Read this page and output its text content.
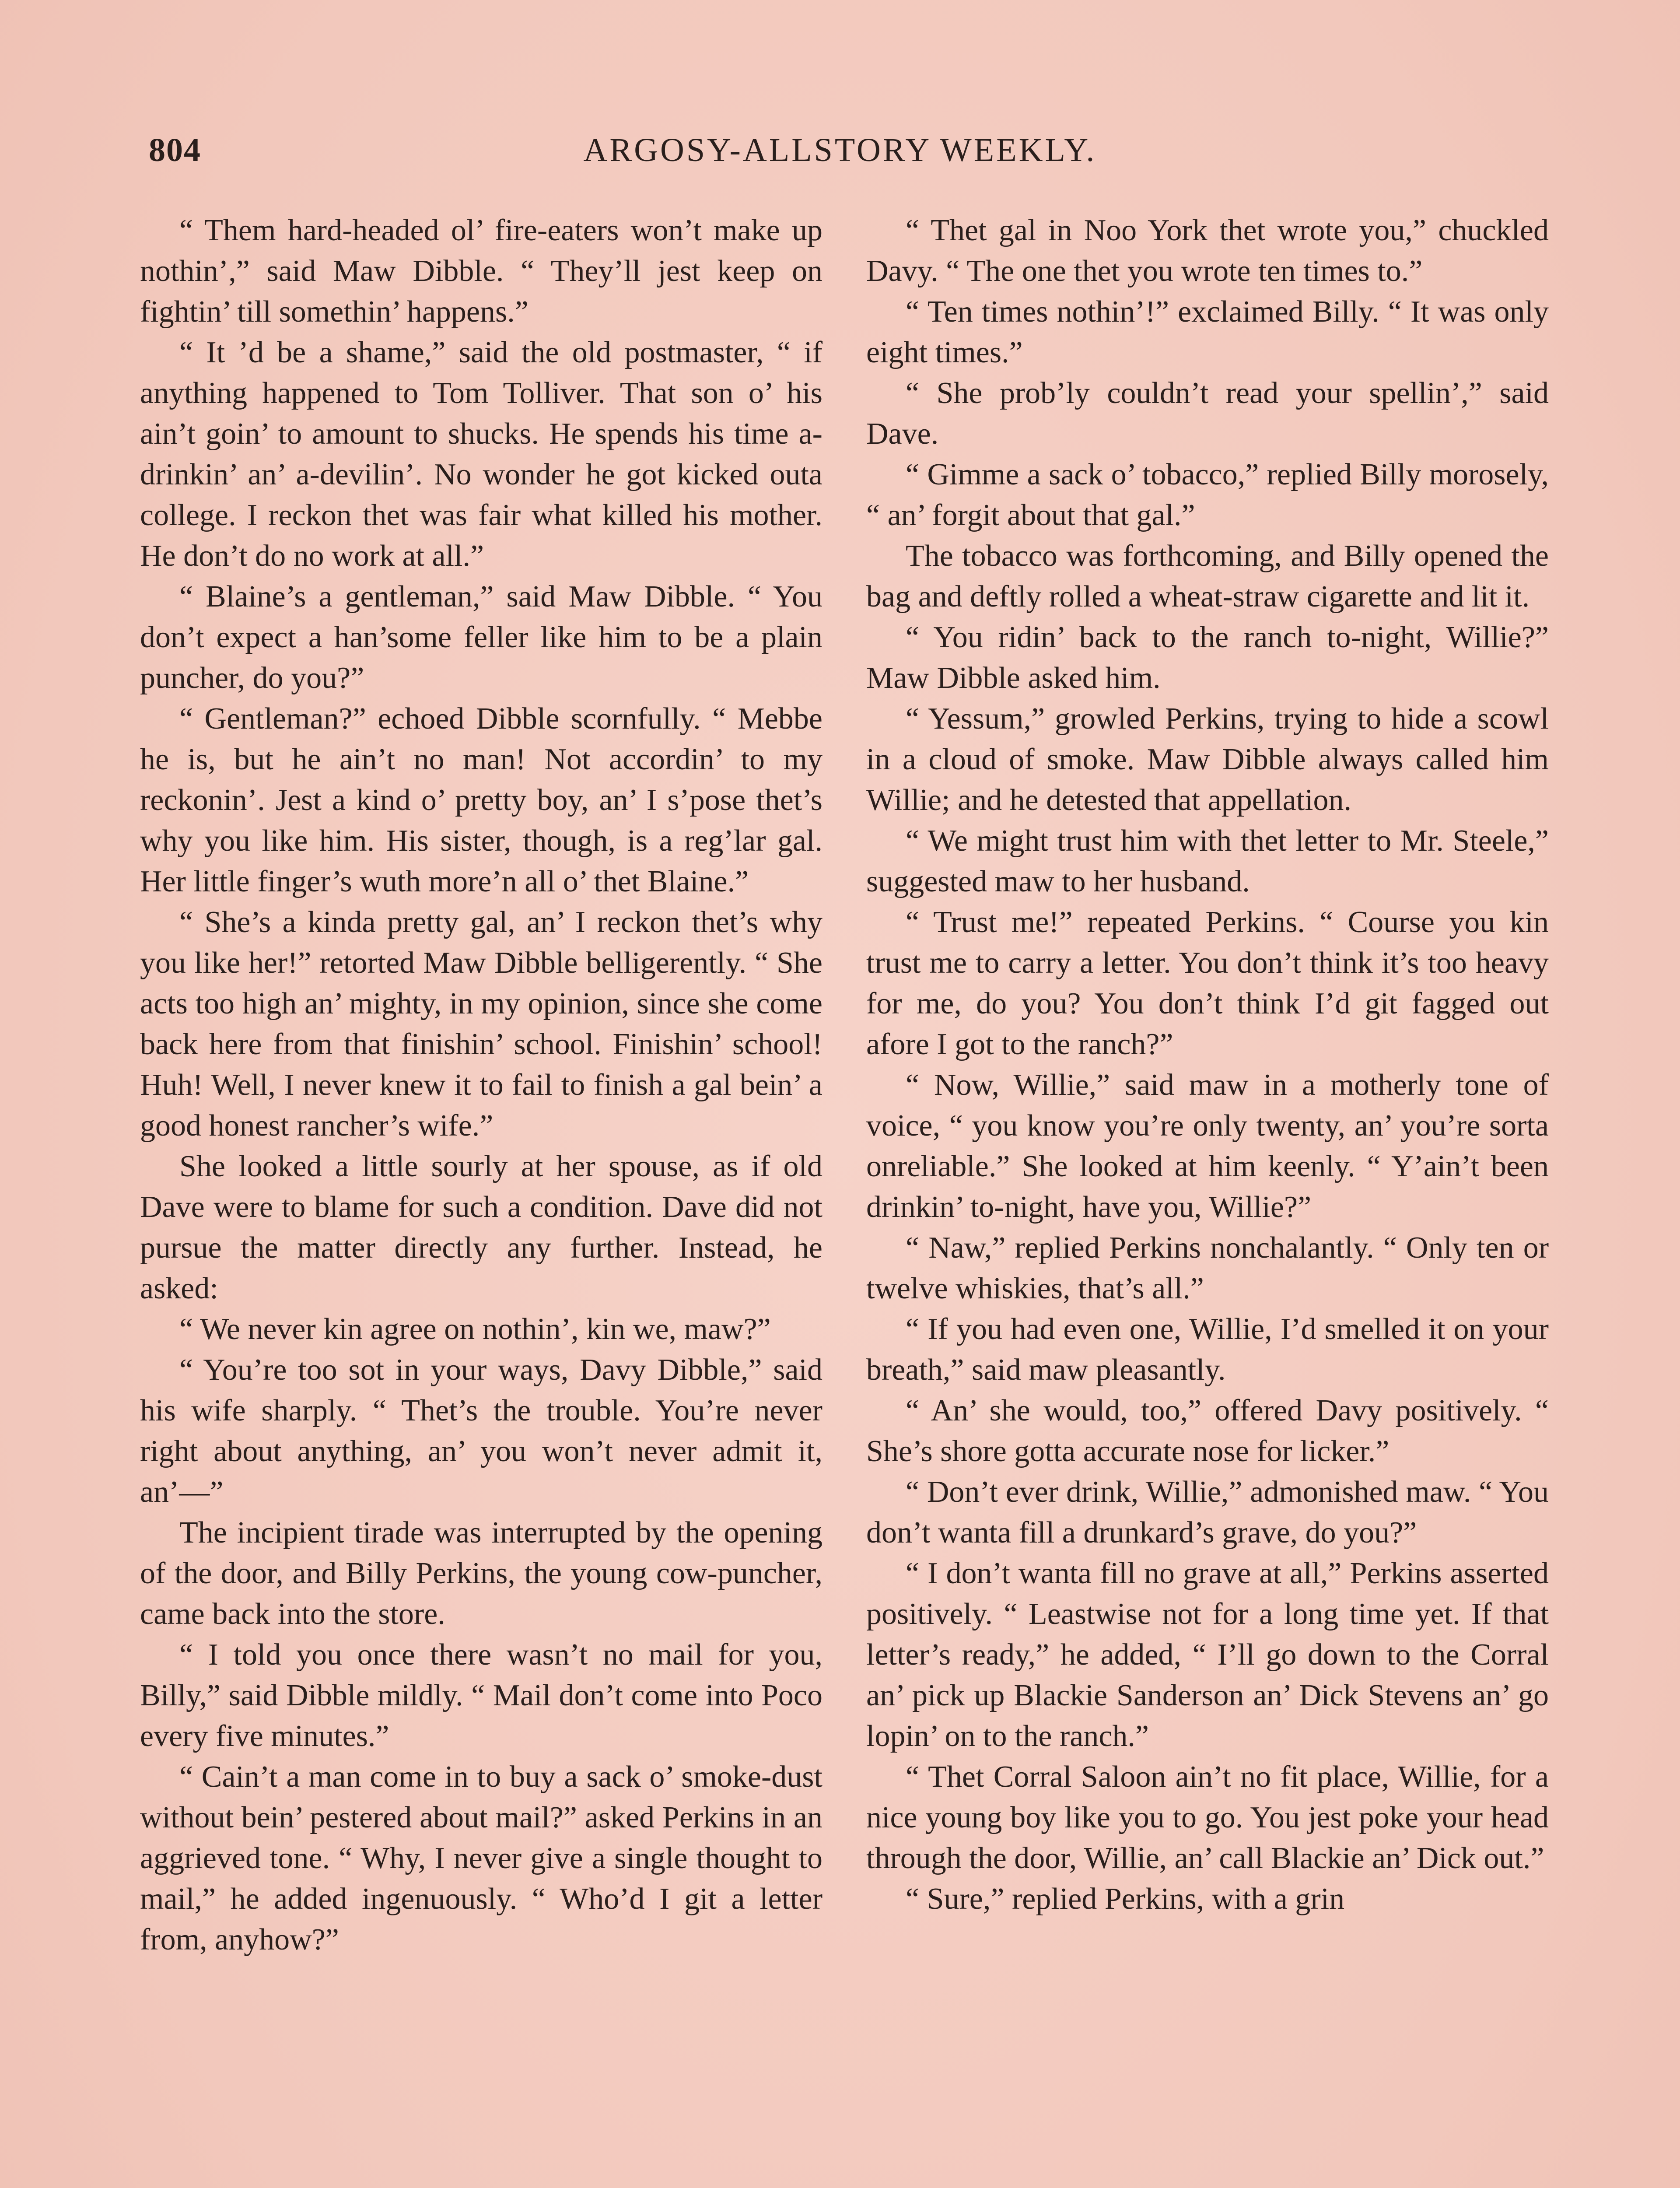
804	ARGOSY-ALLSTORY WEEKLY.

“ Them hard-headed ol’ fire-eaters won’t make up nothin’,” said Maw Dibble. “ They’ll jest keep on fightin’ till somethin’ happens.”

“ It ’d be a shame,” said the old postmaster, “ if anything happened to Tom Tolliver. That son o’ his ain’t goin’ to amount to shucks. He spends his time a-drinkin’ an’ a-devilin’. No wonder he got kicked outa college. I reckon thet was fair what killed his mother. He don’t do no work at all.”

“ Blaine’s a gentleman,” said Maw Dibble. “ You don’t expect a han’some feller like him to be a plain puncher, do you?”

“ Gentleman?” echoed Dibble scornfully. “ Mebbe he is, but he ain’t no man! Not accordin’ to my reckonin’. Jest a kind o’ pretty boy, an’ I s’pose thet’s why you like him. His sister, though, is a reg’lar gal. Her little finger’s wuth more’n all o’ thet Blaine.”

“ She’s a kinda pretty gal, an’ I reckon thet’s why you like her!” retorted Maw Dibble belligerently. “ She acts too high an’ mighty, in my opinion, since she come back here from that finishin’ school. Finishin’ school! Huh! Well, I never knew it to fail to finish a gal bein’ a good honest rancher’s wife.”

She looked a little sourly at her spouse, as if old Dave were to blame for such a condition. Dave did not pursue the matter directly any further. Instead, he asked:

“ We never kin agree on nothin’, kin we, maw?”

“ You’re too sot in your ways, Davy Dibble,” said his wife sharply. “ Thet’s the trouble. You’re never right about anything, an’ you won’t never admit it, an’—”

The incipient tirade was interrupted by the opening of the door, and Billy Perkins, the young cow-puncher, came back into the store.

“ I told you once there wasn’t no mail for you, Billy,” said Dibble mildly. “ Mail don’t come into Poco every five minutes.”

“ Cain’t a man come in to buy a sack o’ smoke-dust without bein’ pestered about mail?” asked Perkins in an aggrieved tone. “ Why, I never give a single thought to mail,” he added ingenuously. “ Who’d I git a letter from, anyhow?”

“ Thet gal in Noo York thet wrote you,” chuckled Davy. “ The one thet you wrote ten times to.”

“ Ten times nothin’!” exclaimed Billy. “ It was only eight times.”

“ She prob’ly couldn’t read your spellin’,” said Dave.

“ Gimme a sack o’ tobacco,” replied Billy morosely, “ an’ forgit about that gal.”

The tobacco was forthcoming, and Billy opened the bag and deftly rolled a wheat-straw cigarette and lit it.

“ You ridin’ back to the ranch to-night, Willie?” Maw Dibble asked him.

“ Yessum,” growled Perkins, trying to hide a scowl in a cloud of smoke. Maw Dibble always called him Willie; and he detested that appellation.

“ We might trust him with thet letter to Mr. Steele,” suggested maw to her husband.

“ Trust me!” repeated Perkins. “ Course you kin trust me to carry a letter. You don’t think it’s too heavy for me, do you? You don’t think I’d git fagged out afore I got to the ranch?”

“ Now, Willie,” said maw in a motherly tone of voice, “ you know you’re only twenty, an’ you’re sorta onreliable.” She looked at him keenly. “ Y’ain’t been drinkin’ to-night, have you, Willie?”

“ Naw,” replied Perkins nonchalantly. “ Only ten or twelve whiskies, that’s all.”

“ If you had even one, Willie, I’d smelled it on your breath,” said maw pleasantly.

“ An’ she would, too,” offered Davy positively. “ She’s shore gotta accurate nose for licker.”

“ Don’t ever drink, Willie,” admonished maw. “ You don’t wanta fill a drunkard’s grave, do you?”

“ I don’t wanta fill no grave at all,” Perkins asserted positively. “ Leastwise not for a long time yet. If that letter’s ready,” he added, “ I’ll go down to the Corral an’ pick up Blackie Sanderson an’ Dick Stevens an’ go lopin’ on to the ranch.”

“ Thet Corral Saloon ain’t no fit place, Willie, for a nice young boy like you to go. You jest poke your head through the door, Willie, an’ call Blackie an’ Dick out.”

“ Sure,” replied Perkins, with a grin
